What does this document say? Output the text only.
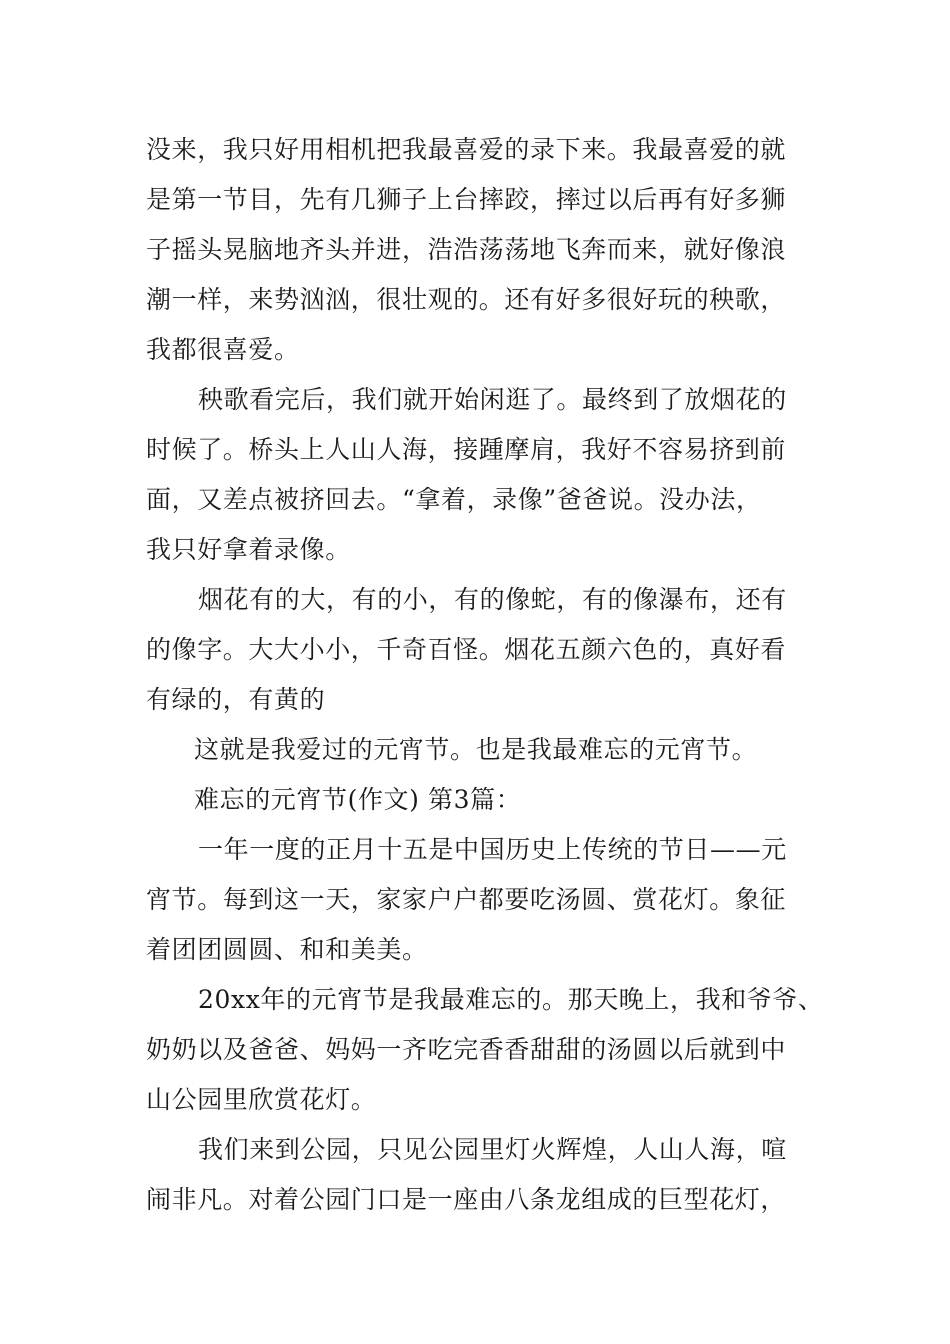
没来，我只好用相机把我最喜爱的录下来。我最喜爱的就
是第一节目，先有几狮子上台摔跤，摔过以后再有好多狮
子摇头晃脑地齐头并进，浩浩荡荡地飞奔而来，就好像浪
潮一样，来势汹汹，很壮观的。还有好多很好玩的秧歌，
我都很喜爱。
秧歌看完后，我们就开始闲逛了。最终到了放烟花的
时候了。桥头上人山人海，接踵摩肩，我好不容易挤到前
面，又差点被挤回去。“拿着，录像”爸爸说。没办法，
我只好拿着录像。
烟花有的大，有的小，有的像蛇，有的像瀑布，还有
的像字。大大小小，千奇百怪。烟花五颜六色的，真好看
有绿的，有黄的
这就是我爱过的元宵节。也是我最难忘的元宵节。
难忘的元宵节(作文) 第3篇：
一年一度的正月十五是中国历史上传统的节日——元
宵节。每到这一天，家家户户都要吃汤圆、赏花灯。象征
着团团圆圆、和和美美。
20xx年的元宵节是我最难忘的。那天晚上，我和爷爷、
奶奶以及爸爸、妈妈一齐吃完香香甜甜的汤圆以后就到中
山公园里欣赏花灯。
我们来到公园，只见公园里灯火辉煌，人山人海，喧
闹非凡。对着公园门口是一座由八条龙组成的巨型花灯，
